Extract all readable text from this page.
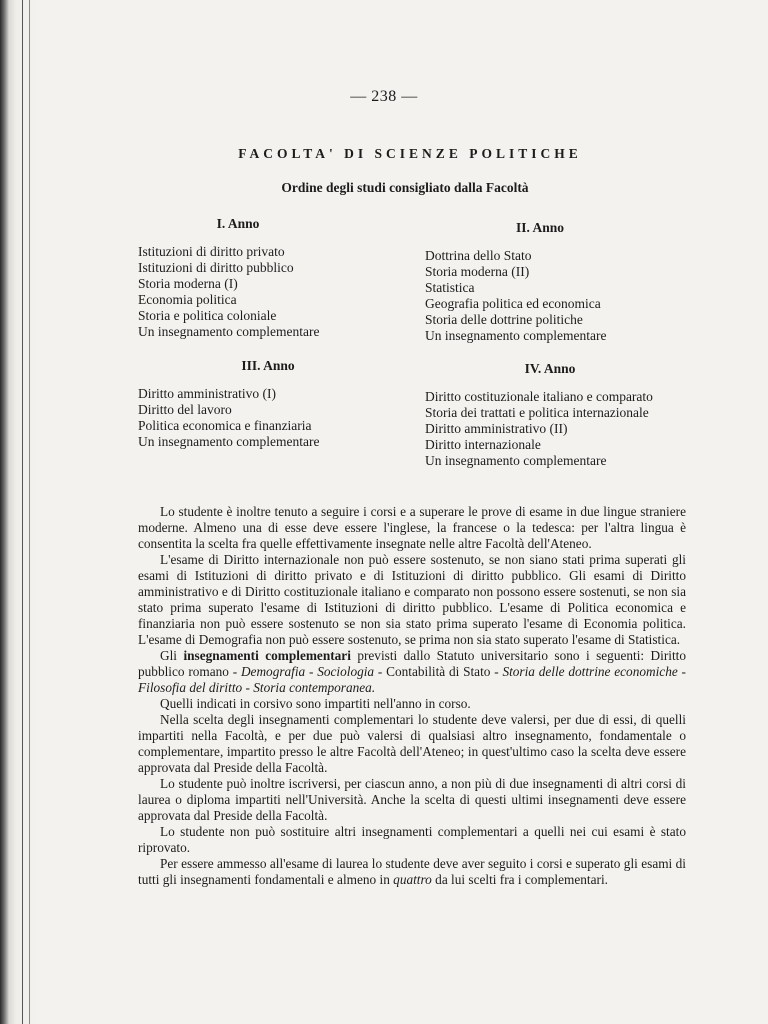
— 238 —
FACOLTA' DI SCIENZE POLITICHE
Ordine degli studi consigliato dalla Facoltà
I. Anno
Istituzioni di diritto privato
Istituzioni di diritto pubblico
Storia moderna (I)
Economia politica
Storia e politica coloniale
Un insegnamento complementare
II. Anno
Dottrina dello Stato
Storia moderna (II)
Statistica
Geografia politica ed economica
Storia delle dottrine politiche
Un insegnamento complementare
III. Anno
Diritto amministrativo (I)
Diritto del lavoro
Politica economica e finanziaria
Un insegnamento complementare
IV. Anno
Diritto costituzionale italiano e comparato
Storia dei trattati e politica internazionale
Diritto amministrativo (II)
Diritto internazionale
Un insegnamento complementare

Lo studente è inoltre tenuto a seguire i corsi e a superare le prove di esame in due lingue straniere moderne. Almeno una di esse deve essere l'inglese, la francese o la tedesca: per l'altra lingua è consentita la scelta fra quelle effettivamente insegnate nelle altre Facoltà dell'Ateneo.

L'esame di Diritto internazionale non può essere sostenuto, se non siano stati prima superati gli esami di Istituzioni di diritto privato e di Istituzioni di diritto pubblico. Gli esami di Diritto amministrativo e di Diritto costituzionale italiano e comparato non possono essere sostenuti, se non sia stato prima superato l'esame di Istituzioni di diritto pubblico. L'esame di Politica economica e finanziaria non può essere sostenuto se non sia stato prima superato l'esame di Economia politica. L'esame di Demografia non può essere sostenuto, se prima non sia stato superato l'esame di Statistica.

Gli insegnamenti complementari previsti dallo Statuto universitario sono i seguenti: Diritto pubblico romano - Demografia - Sociologia - Contabilità di Stato - Storia delle dottrine economiche - Filosofia del diritto - Storia contemporanea.

Quelli indicati in corsivo sono impartiti nell'anno in corso.

Nella scelta degli insegnamenti complementari lo studente deve valersi, per due di essi, di quelli impartiti nella Facoltà, e per due può valersi di qualsiasi altro insegnamento, fondamentale o complementare, impartito presso le altre Facoltà dell'Ateneo; in quest'ultimo caso la scelta deve essere approvata dal Preside della Facoltà.

Lo studente può inoltre iscriversi, per ciascun anno, a non più di due insegnamenti di altri corsi di laurea o diploma impartiti nell'Università. Anche la scelta di questi ultimi insegnamenti deve essere approvata dal Preside della Facoltà.

Lo studente non può sostituire altri insegnamenti complementari a quelli nei cui esami è stato riprovato.

Per essere ammesso all'esame di laurea lo studente deve aver seguito i corsi e superato gli esami di tutti gli insegnamenti fondamentali e almeno in quattro da lui scelti fra i complementari.
